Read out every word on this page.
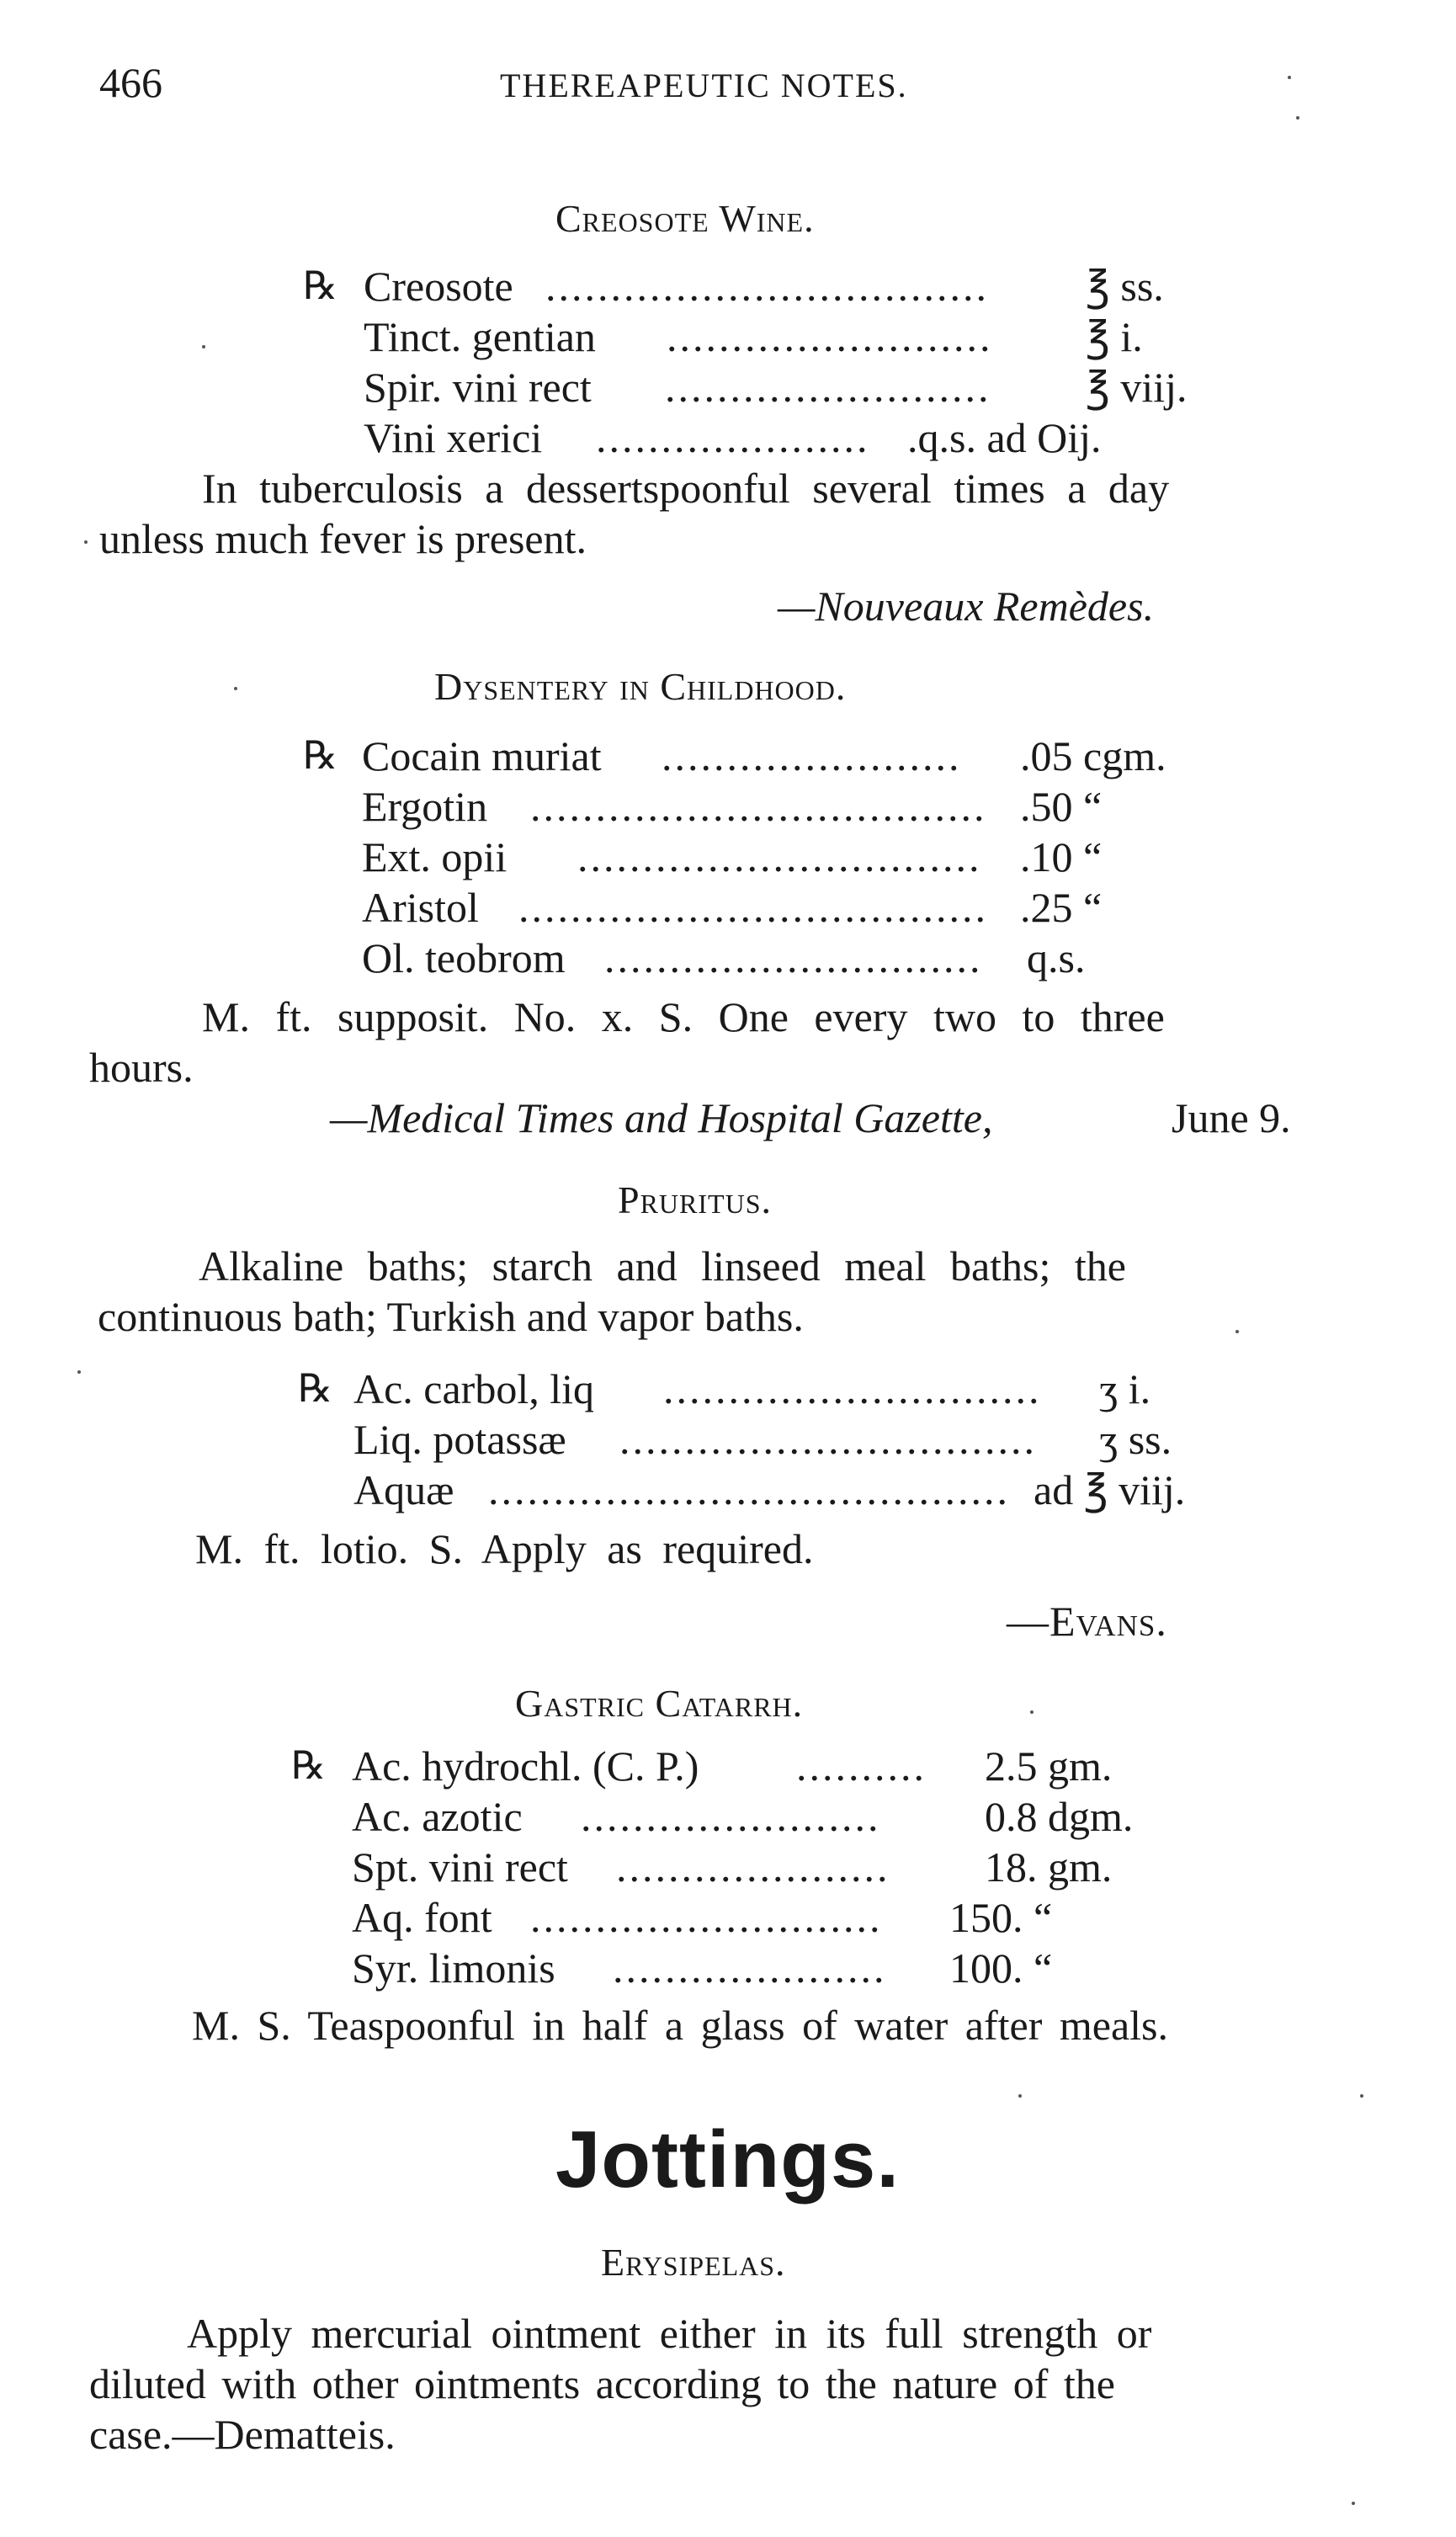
466	THEREAPEUTIC NOTES.
Creosote Wine.
℞ Creosote .................................. ℥ ss.
Tinct. gentian ......................... ℥ i.
Spir. vini rect ......................... ℥ viij.
Vini xerici ..................... .q.s. ad Oij.
In tuberculosis a dessertspoonful several times a day
unless much fever is present.
—Nouveaux Remèdes.
Dysentery in Childhood.
℞ Cocain muriat ....................... .05 cgm.
Ergotin ................................... .50 “
Ext. opii ............................... .10 “
Aristol .................................... .25 “
Ol. teobrom ............................. q.s.
M. ft. supposit. No. x. S. One every two to three
hours.
—Medical Times and Hospital Gazette,	June 9.
Pruritus.
Alkaline baths; starch and linseed meal baths; the
continuous bath; Turkish and vapor baths.
℞ Ac. carbol, liq ............................. ʒ i.
Liq. potassæ ................................ ʒ ss.
Aquæ ........................................ ad ℥ viij.
M. ft. lotio. S. Apply as required.
—Evans.
Gastric Catarrh.
℞ Ac. hydrochl. (C. P.) .......... 2.5 gm.
Ac. azotic ....................... 0.8 dgm.
Spt. vini rect ..................... 18. gm.
Aq. font ........................... 150. “
Syr. limonis ..................... 100. “
M. S. Teaspoonful in half a glass of water after meals.
Jottings.
Erysipelas.
Apply mercurial ointment either in its full strength or
diluted with other ointments according to the nature of the
case.—Dematteis.
